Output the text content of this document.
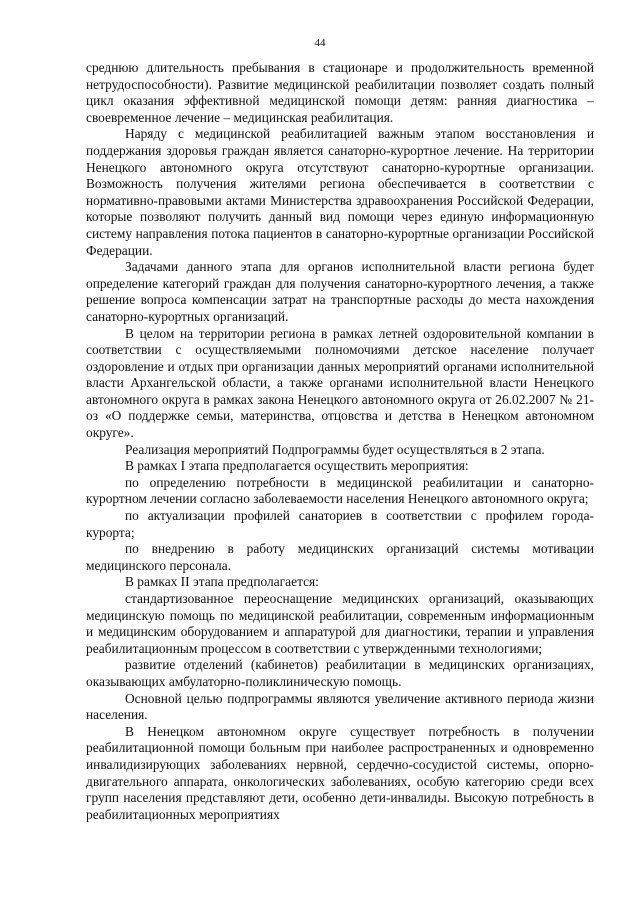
44

среднюю длительность пребывания в стационаре и продолжительность временной нетрудоспособности). Развитие медицинской реабилитации позволяет создать полный цикл оказания эффективной медицинской помощи детям: ранняя диагностика – своевременное лечение – медицинская реабилитация.

Наряду с медицинской реабилитацией важным этапом восстановления и поддержания здоровья граждан является санаторно-курортное лечение. На территории Ненецкого автономного округа отсутствуют санаторно-курортные организации. Возможность получения жителями региона обеспечивается в соответствии с нормативно-правовыми актами Министерства здравоохранения Российской Федерации, которые позволяют получить данный вид помощи через единую информационную систему направления потока пациентов в санаторно-курортные организации Российской Федерации.

Задачами данного этапа для органов исполнительной власти региона будет определение категорий граждан для получения санаторно-курортного лечения, а также решение вопроса компенсации затрат на транспортные расходы до места нахождения санаторно-курортных организаций.

В целом на территории региона в рамках летней оздоровительной компании в соответствии с осуществляемыми полномочиями детское население получает оздоровление и отдых при организации данных мероприятий органами исполнительной власти Архангельской области, а также органами исполнительной власти Ненецкого автономного округа в рамках закона Ненецкого автономного округа от 26.02.2007 № 21-оз «О поддержке семьи, материнства, отцовства и детства в Ненецком автономном округе».

Реализация мероприятий Подпрограммы будет осуществляться в 2 этапа.

В рамках I этапа предполагается осуществить мероприятия:

по определению потребности в медицинской реабилитации и санаторно-курортном лечении согласно заболеваемости населения Ненецкого автономного округа;

по актуализации профилей санаториев в соответствии с профилем города-курорта;

по внедрению в работу медицинских организаций системы мотивации медицинского персонала.

В рамках II этапа предполагается:

стандартизованное переоснащение медицинских организаций, оказывающих медицинскую помощь по медицинской реабилитации, современным информационным и медицинским оборудованием и аппаратурой для диагностики, терапии и управления реабилитационным процессом в соответствии с утвержденными технологиями;

развитие отделений (кабинетов) реабилитации в медицинских организациях, оказывающих амбулаторно-поликлиническую помощь.

Основной целью подпрограммы являются увеличение активного периода жизни населения.

В Ненецком автономном округе существует потребность в получении реабилитационной помощи больным при наиболее распространенных и одновременно инвалидизирующих заболеваниях нервной, сердечно-сосудистой системы, опорно-двигательного аппарата, онкологических заболеваниях, особую категорию среди всех групп населения представляют дети, особенно дети-инвалиды. Высокую потребность в реабилитационных мероприятиях
